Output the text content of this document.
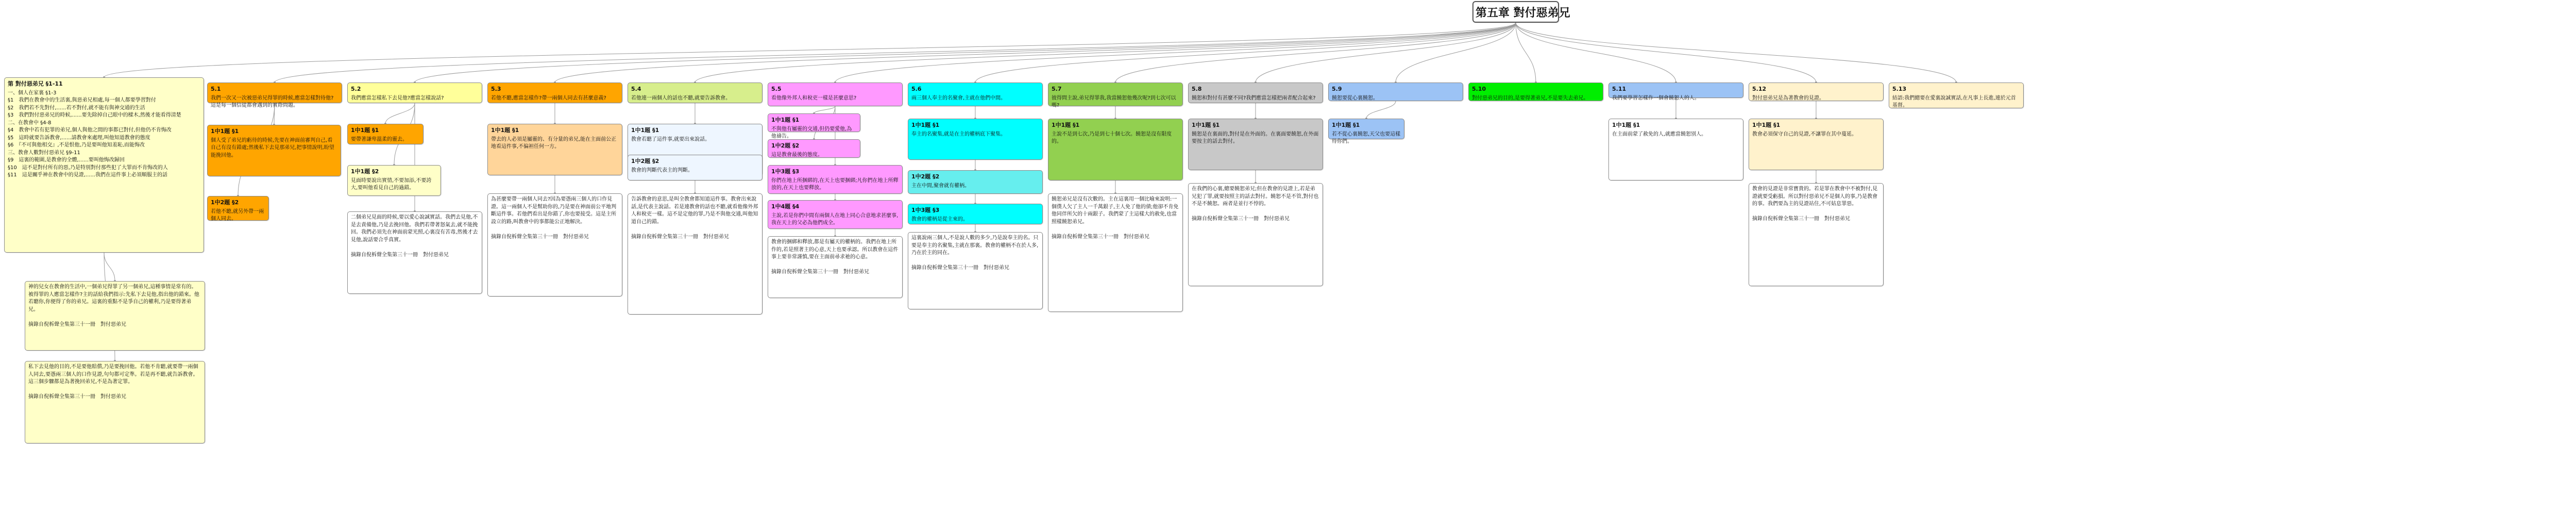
第五章 對付惡弟兄
第 對付惡弟兄 §1-11
一、個人在家裏 §1-3
§1　我們在教會中的生活裏,與惡弟兄相處,每一個人都要學習對付
§2　我們若不先對付,......若不對付,就不能有與神交通的生活
§3　我們對付惡弟兄的時候,......要先除掉自己眼中的樑木,然後才能看得清楚
二、在教會中 §4-8
§4　教會中若有犯罪的弟兄,個人與他之間的事都已對付,但他仍不肯悔改
§5　這時就要告訴教會,......請教會來處理,叫他知道教會的態度
§6　『不可與他相交』,不是恨他,乃是要叫他知羞恥,而能悔改
三、教會人數對付惡弟兄 §9-11
§9　這裏的範圍,是教會的全體,......要叫他悔改歸回
§10　這不是對付所有的惡,乃是特別對付那些犯了大罪而不肯悔改的人
§11　這是關乎神在教會中的見證,......我們在這件事上必須順服主的話
5.1
我們一次又一次被惡弟兄得罪的時候,應當怎樣對待他?這是每一個信徒都會遇到的實際問題。
1中1題 §1
個人受了弟兄的虧待的時候,先要在神面前審判自己,看自己有沒有錯處;然後私下去見那弟兄,把事情說明,盼望能挽回他。
1中2題 §2
若他不聽,就另外帶一兩個人同去。
神的兒女在教會的生活中,一個弟兄得罪了另一個弟兄,這種事情是常有的。被得罪的人應當怎樣作?主的話給我們指示:先私下去見他,指出他的錯來。他若聽你,你便得了你的弟兄。這裏的重點不是爭自己的權利,乃是要得著弟兄。

摘錄自倪柝聲全集第三十一冊　對付惡弟兄
私下去見他的目的,不是要他賠償,乃是要挽回他。若他不肯聽,就要帶一兩個人同去,要憑兩三個人的口作見證,句句都可定準。若是再不聽,就告訴教會。這三個步驟都是為著挽回弟兄,不是為著定罪。

摘錄自倪柝聲全集第三十一冊　對付惡弟兄
5.2
我們應當怎樣私下去見他?應當怎樣說話?
1中1題 §1
要帶著謙卑溫柔的靈去。
1中1題 §2
見面時要說出實情,不要加添,不要誇大,要叫他看見自己的過錯。
二個弟兄見面的時候,要以愛心說誠實話。我們去見他,不是去責備他,乃是去挽回他。我們若帶著怒氣去,就不能挽回。我們必須先在神面前蒙光照,心裏沒有苦毒,然後才去見他,說話要合乎真實。

摘錄自倪柝聲全集第三十一冊　對付惡弟兄
5.3
若他不聽,應當怎樣作?帶一兩個人同去有甚麼意義?
1中1題 §1
帶去的人必須是屬靈的、有分量的弟兄,能在主面前公正地看這件事,不偏袒任何一方。
為甚麼要帶一兩個人同去?因為要憑兩三個人的口作見證。這一兩個人不是幫助你的,乃是要在神面前公平地判斷這件事。若他們看出是你錯了,你也要接受。這是主所設立的路,叫教會中的事都能公正地解決。

摘錄自倪柝聲全集第三十一冊　對付惡弟兄
5.4
若他連一兩個人的話也不聽,就要告訴教會。
1中1題 §1
教會若聽了這件事,就要出來說話。
1中2題 §2
教會的判斷代表主的判斷。
告訴教會的意思,是叫全教會都知道這件事。教會出來說話,是代表主說話。若是連教會的話也不聽,就看他像外邦人和稅吏一樣。這不是定他的罪,乃是不與他交通,叫他知道自己的錯。

摘錄自倪柝聲全集第三十一冊　對付惡弟兄
5.5
看他像外邦人和稅吏一樣是甚麼意思?
1中1題 §1
不與他有屬靈的交通,但仍要愛他,為他禱告。
1中2題 §2
這是教會最後的態度。
1中3題 §3
你們在地上所捆綁的,在天上也要捆綁;凡你們在地上所釋放的,在天上也要釋放。
1中4題 §4
主說,若是你們中間有兩個人在地上同心合意地求甚麼事,我在天上的父必為他們成全。
教會的捆綁和釋放,都是有屬天的權柄的。我們在地上所作的,若是照著主的心意,天上也要承認。所以教會在這件事上要非常謹慎,要在主面前尋求祂的心意。

摘錄自倪柝聲全集第三十一冊　對付惡弟兄
5.6
兩三個人奉主的名聚會,主就在他們中間。
1中1題 §1
奉主的名聚集,就是在主的權柄底下聚集。
1中2題 §2
主在中間,聚會就有權柄。
1中3題 §3
教會的權柄是從主來的。
這裏說兩三個人,不是說人數的多少,乃是說奉主的名。只要是奉主的名聚集,主就在那裏。教會的權柄不在於人多,乃在於主的同在。

摘錄自倪柝聲全集第三十一冊　對付惡弟兄
5.7
彼得問主說,弟兄得罪我,我當饒恕他幾次呢?到七次可以嗎?
1中1題 §1
主說不是到七次,乃是到七十個七次。饒恕是沒有限度的。
饒恕弟兄是沒有次數的。主在這裏用一個比喻來說明:一個僕人欠了主人一千萬銀子,主人免了他的債;他卻不肯免他同伴所欠的十兩銀子。我們蒙了主這樣大的赦免,也當照樣饒恕弟兄。

摘錄自倪柝聲全集第三十一冊　對付惡弟兄
5.8
饒恕和對付有甚麼不同?我們應當怎樣把兩者配合起來?
1中1題 §1
饒恕是在裏面的,對付是在外面的。在裏面要饒恕,在外面要按主的話去對付。
在我們的心裏,總要饒恕弟兄;但在教會的見證上,若是弟兄犯了罪,就要按照主的話去對付。饒恕不是不管,對付也不是不饒恕。兩者是並行不悖的。

摘錄自倪柝聲全集第三十一冊　對付惡弟兄
5.9
饒恕要從心裏饒恕。
1中1題 §1
若不從心裏饒恕,天父也要這樣待你們。
5.10
對付惡弟兄的目的,是要得著弟兄,不是要失去弟兄。
5.11
我們要學習怎樣作一個會饒恕人的人。
1中1題 §1
在主面前蒙了赦免的人,就應當饒恕別人。
5.12
對付惡弟兄是為著教會的見證。
1中1題 §1
教會必須保守自己的見證,不讓罪在其中蔓延。
教會的見證是非常寶貴的。若是罪在教會中不被對付,見證就要受虧損。所以對付惡弟兄不是個人的事,乃是教會的事。我們要為主的見證站住,不可姑息罪惡。

摘錄自倪柝聲全集第三十一冊　對付惡弟兄
5.13
結語:我們總要在愛裏說誠實話,在凡事上長進,連於元首基督。
